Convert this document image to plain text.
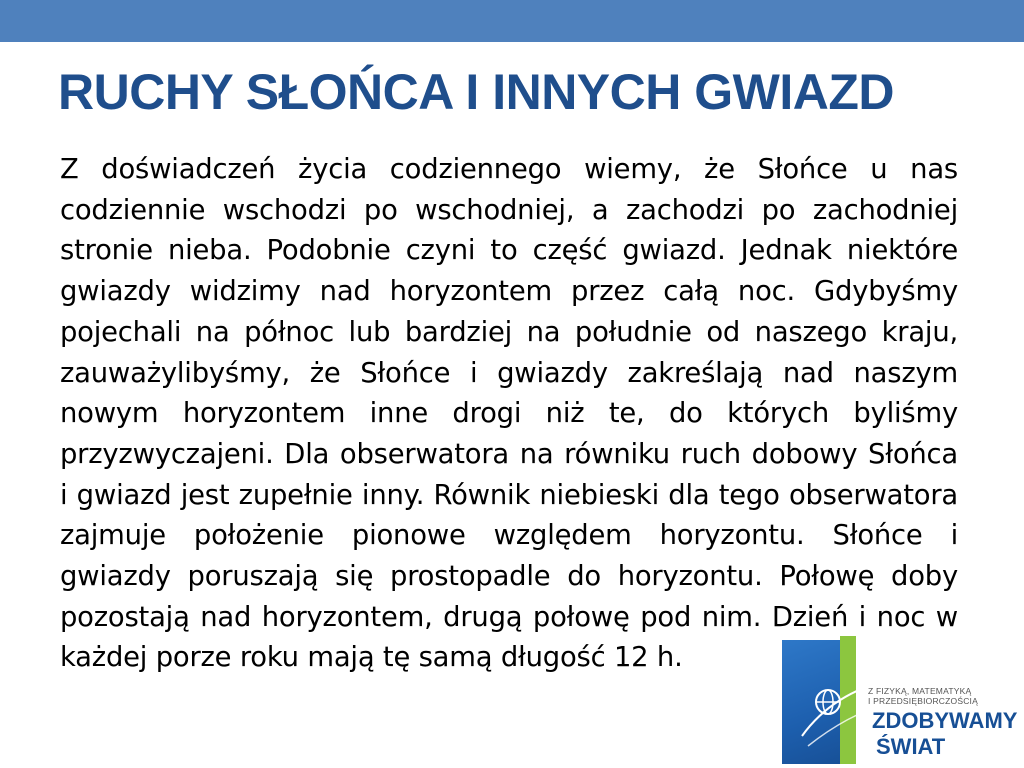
RUCHY SŁOŃCA I INNYCH GWIAZD

Z doświadczeń życia codziennego wiemy, że Słońce u nas codziennie wschodzi po wschodniej, a zachodzi po zachodniej stronie nieba. Podobnie czyni to część gwiazd. Jednak niektóre gwiazdy widzimy nad horyzontem przez całą noc. Gdybyśmy pojechali na północ lub bardziej na południe od naszego kraju, zauważylibyśmy, że Słońce i gwiazdy zakreślają nad naszym nowym horyzontem inne drogi niż te, do których byliśmy przyzwyczajeni. Dla obserwatora na równiku ruch dobowy Słońca i gwiazd jest zupełnie inny. Równik niebieski dla tego obserwatora zajmuje położenie pionowe względem horyzontu. Słońce i gwiazdy poruszają się prostopadle do horyzontu. Połowę doby pozostają nad horyzontem, drugą połowę pod nim. Dzień i noc w każdej porze roku mają tę samą długość 12 h.

Z FIZYKĄ, MATEMATYKĄ
I PRZEDSIĘBIORCZOŚCIĄ
ZDOBYWAMY
ŚWIAT
